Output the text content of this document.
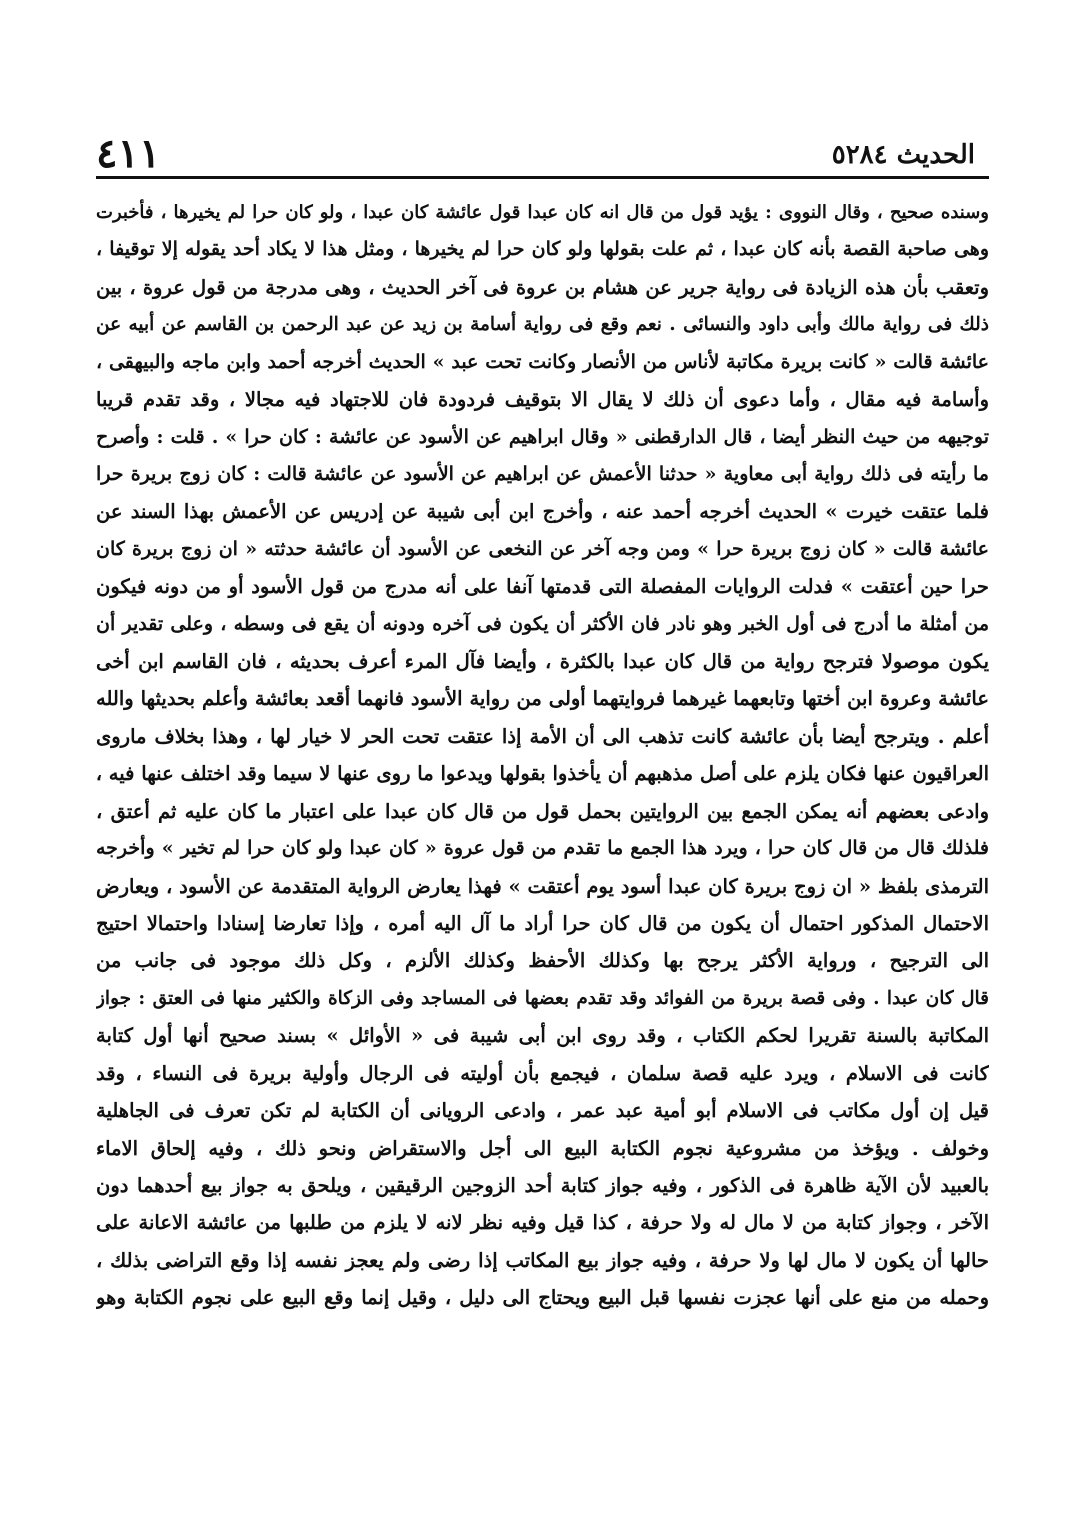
الحديث ٥٢٨٤
٤١١
وسنده صحيح ، وقال النووى : يؤيد قول من قال انه كان عبدا قول عائشة كان عبدا ، ولو كان حرا لم يخيرها ، فأخبرت
وهى صاحبة القصة بأنه كان عبدا ، ثم علت بقولها ولو كان حرا لم يخيرها ، ومثل هذا لا يكاد أحد يقوله إلا توقيفا ،
وتعقب بأن هذه الزيادة فى رواية جرير عن هشام بن عروة فى آخر الحديث ، وهى مدرجة من قول عروة ، بين
ذلك فى رواية مالك وأبى داود والنسائى . نعم وقع فى رواية أسامة بن زيد عن عبد الرحمن بن القاسم عن أبيه عن
عائشة قالت « كانت بريرة مكاتبة لأناس من الأنصار وكانت تحت عبد » الحديث أخرجه أحمد وابن ماجه والبيهقى ،
وأسامة فيه مقال ، وأما دعوى أن ذلك لا يقال الا بتوقيف فردودة فان للاجتهاد فيه مجالا ، وقد تقدم قريبا
توجيهه من حيث النظر أيضا ، قال الدارقطنى « وقال ابراهيم عن الأسود عن عائشة : كان حرا » . قلت : وأصرح
ما رأيته فى ذلك رواية أبى معاوية « حدثنا الأعمش عن ابراهيم عن الأسود عن عائشة قالت : كان زوج بريرة حرا
فلما عتقت خيرت » الحديث أخرجه أحمد عنه ، وأخرج ابن أبى شيبة عن إدريس عن الأعمش بهذا السند عن
عائشة قالت « كان زوج بريرة حرا » ومن وجه آخر عن النخعى عن الأسود أن عائشة حدثته « ان زوج بريرة كان
حرا حين أعتقت » فدلت الروايات المفصلة التى قدمتها آنفا على أنه مدرج من قول الأسود أو من دونه فيكون
من أمثلة ما أدرج فى أول الخبر وهو نادر فان الأكثر أن يكون فى آخره ودونه أن يقع فى وسطه ، وعلى تقدير أن
يكون موصولا فترجح رواية من قال كان عبدا بالكثرة ، وأيضا فآل المرء أعرف بحديثه ، فان القاسم ابن أخى
عائشة وعروة ابن أختها وتابعهما غيرهما فروايتهما أولى من رواية الأسود فانهما أقعد بعائشة وأعلم بحديثها والله
أعلم . ويترجح أيضا بأن عائشة كانت تذهب الى أن الأمة إذا عتقت تحت الحر لا خيار لها ، وهذا بخلاف ماروى
العراقيون عنها فكان يلزم على أصل مذهبهم أن يأخذوا بقولها ويدعوا ما روى عنها لا سيما وقد اختلف عنها فيه ،
وادعى بعضهم أنه يمكن الجمع بين الروايتين بحمل قول من قال كان عبدا على اعتبار ما كان عليه ثم أعتق ،
فلذلك قال من قال كان حرا ، ويرد هذا الجمع ما تقدم من قول عروة « كان عبدا ولو كان حرا لم تخير » وأخرجه
الترمذى بلفظ « ان زوج بريرة كان عبدا أسود يوم أعتقت » فهذا يعارض الرواية المتقدمة عن الأسود ، ويعارض
الاحتمال المذكور احتمال أن يكون من قال كان حرا أراد ما آل اليه أمره ، وإذا تعارضا إسنادا واحتمالا احتيج
الى الترجيح ، ورواية الأكثر يرجح بها وكذلك الأحفظ وكذلك الألزم ، وكل ذلك موجود فى جانب من
قال كان عبدا . وفى قصة بريرة من الفوائد وقد تقدم بعضها فى المساجد وفى الزكاة والكثير منها فى العتق : جواز
المكاتبة بالسنة تقريرا لحكم الكتاب ، وقد روى ابن أبى شيبة فى « الأوائل » بسند صحيح أنها أول كتابة
كانت فى الاسلام ، ويرد عليه قصة سلمان ، فيجمع بأن أوليته فى الرجال وأولية بريرة فى النساء ، وقد
قيل إن أول مكاتب فى الاسلام أبو أمية عبد عمر ، وادعى الرويانى أن الكتابة لم تكن تعرف فى الجاهلية
وخولف . ويؤخذ من مشروعية نجوم الكتابة البيع الى أجل والاستقراض ونحو ذلك ، وفيه إلحاق الاماء
بالعبيد لأن الآية ظاهرة فى الذكور ، وفيه جواز كتابة أحد الزوجين الرقيقين ، ويلحق به جواز بيع أحدهما دون
الآخر ، وجواز كتابة من لا مال له ولا حرفة ، كذا قيل وفيه نظر لانه لا يلزم من طلبها من عائشة الاعانة على
حالها أن يكون لا مال لها ولا حرفة ، وفيه جواز بيع المكاتب إذا رضى ولم يعجز نفسه إذا وقع التراضى بذلك ،
وحمله من منع على أنها عجزت نفسها قبل البيع ويحتاج الى دليل ، وقيل إنما وقع البيع على نجوم الكتابة وهو
